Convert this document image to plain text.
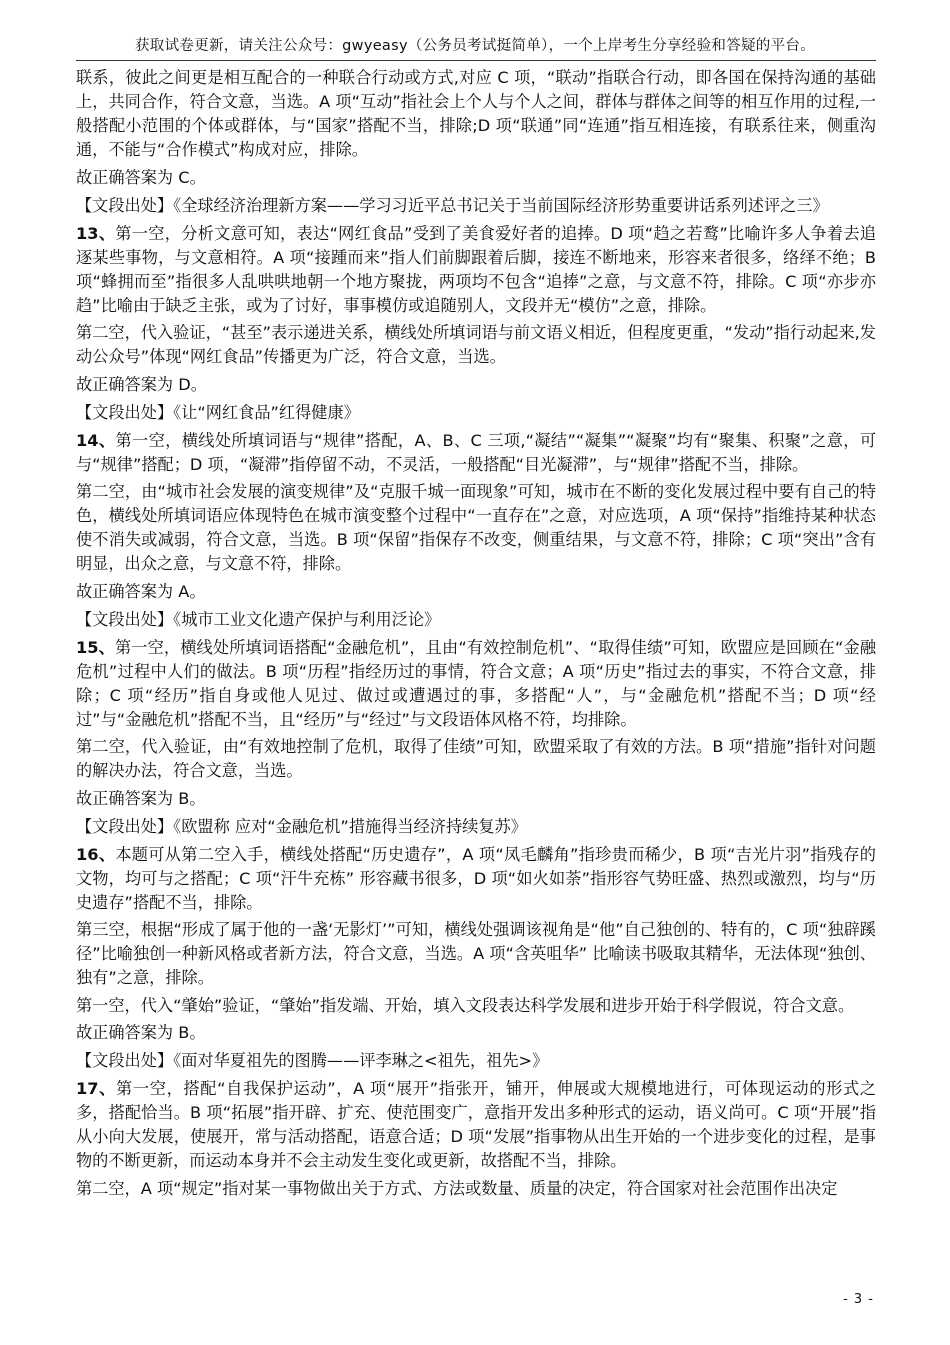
获取试卷更新，请关注公众号：gwyeasy（公务员考试挺简单），一个上岸考生分享经验和答疑的平台。
联系，彼此之间更是相互配合的一种联合行动或方式,对应 C 项，“联动”指联合行动，即各国在保持沟通的基础上，共同合作，符合文意，当选。A 项“互动”指社会上个人与个人之间，群体与群体之间等的相互作用的过程,一般搭配小范围的个体或群体，与“国家”搭配不当，排除;D 项“联通”同“连通”指互相连接，有联系往来，侧重沟通，不能与“合作模式”构成对应，排除。
故正确答案为 C。
【文段出处】《全球经济治理新方案——学习习近平总书记关于当前国际经济形势重要讲话系列述评之三》
13、第一空，分析文意可知，表达“网红食品”受到了美食爱好者的追捧。D 项“趋之若鹜”比喻许多人争着去追逐某些事物，与文意相符。A 项“接踵而来”指人们前脚跟着后脚，接连不断地来，形容来者很多，络绎不绝；B 项“蜂拥而至”指很多人乱哄哄地朝一个地方聚拢，两项均不包含“追捧”之意，与文意不符，排除。C 项“亦步亦趋”比喻由于缺乏主张，或为了讨好，事事模仿或追随别人，文段并无“模仿”之意，排除。
第二空，代入验证，“甚至”表示递进关系，横线处所填词语与前文语义相近，但程度更重，“发动”指行动起来,发动公众号”体现“网红食品”传播更为广泛，符合文意，当选。
故正确答案为 D。
【文段出处】《让“网红食品”红得健康》
14、第一空，横线处所填词语与“规律”搭配，A、B、C 三项,“凝结”“凝集”“凝聚”均有“聚集、积聚”之意，可与“规律”搭配；D 项，“凝滞”指停留不动，不灵活，一般搭配“目光凝滞”，与“规律”搭配不当，排除。
第二空，由“城市社会发展的演变规律”及“克服千城一面现象”可知，城市在不断的变化发展过程中要有自己的特色，横线处所填词语应体现特色在城市演变整个过程中“一直存在”之意，对应选项，A 项“保持”指维持某种状态使不消失或减弱，符合文意，当选。B 项“保留”指保存不改变，侧重结果，与文意不符，排除；C 项“突出”含有明显，出众之意，与文意不符，排除。
故正确答案为 A。
【文段出处】《城市工业文化遗产保护与利用泛论》
15、第一空，横线处所填词语搭配“金融危机”，且由“有效控制危机”、“取得佳绩”可知，欧盟应是回顾在“金融危机”过程中人们的做法。B 项“历程”指经历过的事情，符合文意；A 项“历史”指过去的事实，不符合文意，排除；C 项“经历”指自身或他人见过、做过或遭遇过的事，多搭配“人”，与“金融危机”搭配不当；D 项“经过”与“金融危机”搭配不当，且“经历”与“经过”与文段语体风格不符，均排除。
第二空，代入验证，由“有效地控制了危机，取得了佳绩”可知，欧盟采取了有效的方法。B 项“措施”指针对问题的解决办法，符合文意，当选。
故正确答案为 B。
【文段出处】《欧盟称 应对“金融危机”措施得当经济持续复苏》
16、本题可从第二空入手，横线处搭配“历史遗存”，A 项“凤毛麟角”指珍贵而稀少，B 项“吉光片羽”指残存的文物，均可与之搭配；C 项“汗牛充栋” 形容藏书很多，D 项“如火如荼”指形容气势旺盛、热烈或激烈，均与“历史遗存”搭配不当，排除。
第三空，根据“形成了属于他的一盏‘无影灯’”可知，横线处强调该视角是“他”自己独创的、特有的，C 项“独辟蹊径”比喻独创一种新风格或者新方法，符合文意，当选。A 项“含英咀华” 比喻读书吸取其精华，无法体现“独创、独有”之意，排除。
第一空，代入“肇始”验证，“肇始”指发端、开始，填入文段表达科学发展和进步开始于科学假说，符合文意。
故正确答案为 B。
【文段出处】《面对华夏祖先的图腾——评李琳之<祖先，祖先>》
17、第一空，搭配“自我保护运动”，A 项“展开”指张开，铺开，伸展或大规模地进行，可体现运动的形式之多，搭配恰当。B 项“拓展”指开辟、扩充、使范围变广，意指开发出多种形式的运动，语义尚可。C 项“开展”指从小向大发展，使展开，常与活动搭配，语意合适；D 项“发展”指事物从出生开始的一个进步变化的过程，是事物的不断更新，而运动本身并不会主动发生变化或更新，故搭配不当，排除。
第二空，A 项“规定”指对某一事物做出关于方式、方法或数量、质量的决定，符合国家对社会范围作出决定
- 3 -
